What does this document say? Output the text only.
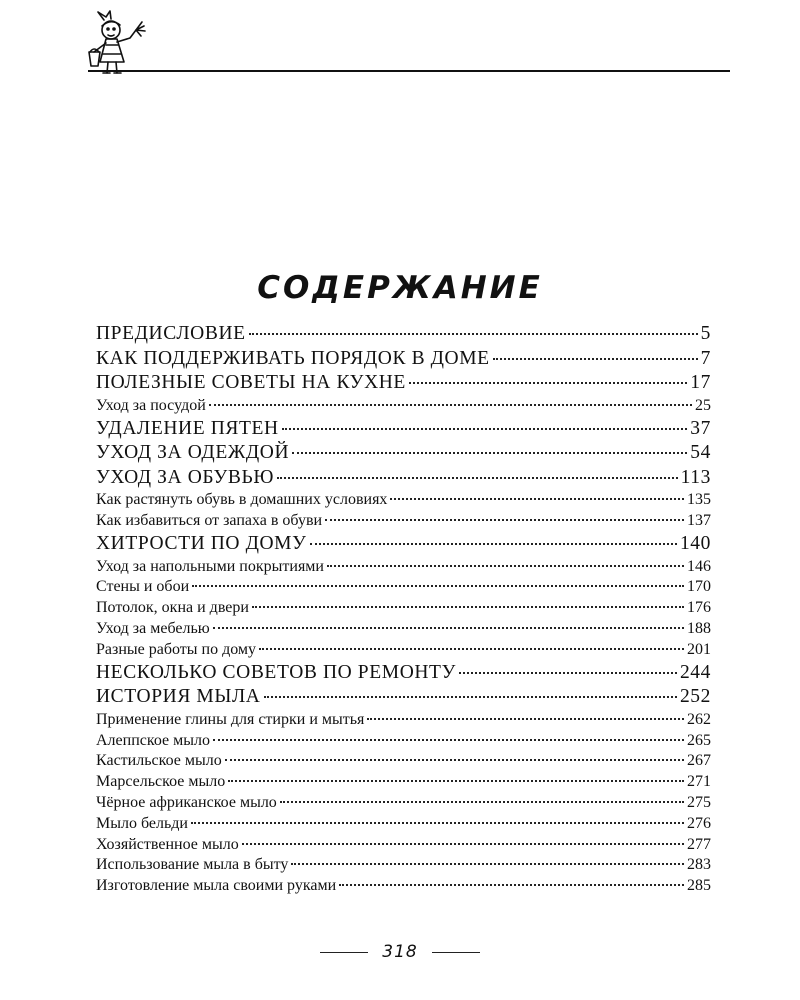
СОДЕРЖАНИЕ
ПРЕДИСЛОВИЕ	5
КАК ПОДДЕРЖИВАТЬ ПОРЯДОК В ДОМЕ	7
ПОЛЕЗНЫЕ СОВЕТЫ НА КУХНЕ	17
Уход за посудой	25
УДАЛЕНИЕ ПЯТЕН	37
УХОД ЗА ОДЕЖДОЙ	54
УХОД ЗА ОБУВЬЮ	113
Как растянуть обувь в домашних условиях	135
Как избавиться от запаха в обуви	137
ХИТРОСТИ ПО ДОМУ	140
Уход за напольными покрытиями	146
Стены и обои	170
Потолок, окна и двери	176
Уход за мебелью	188
Разные работы по дому	201
НЕСКОЛЬКО СОВЕТОВ ПО РЕМОНТУ	244
ИСТОРИЯ МЫЛА	252
Применение глины для стирки и мытья	262
Алеппское мыло	265
Кастильское мыло	267
Марсельское мыло	271
Чёрное африканское мыло	275
Мыло бельди	276
Хозяйственное мыло	277
Использование мыла в быту	283
Изготовление мыла своими руками	285
318
